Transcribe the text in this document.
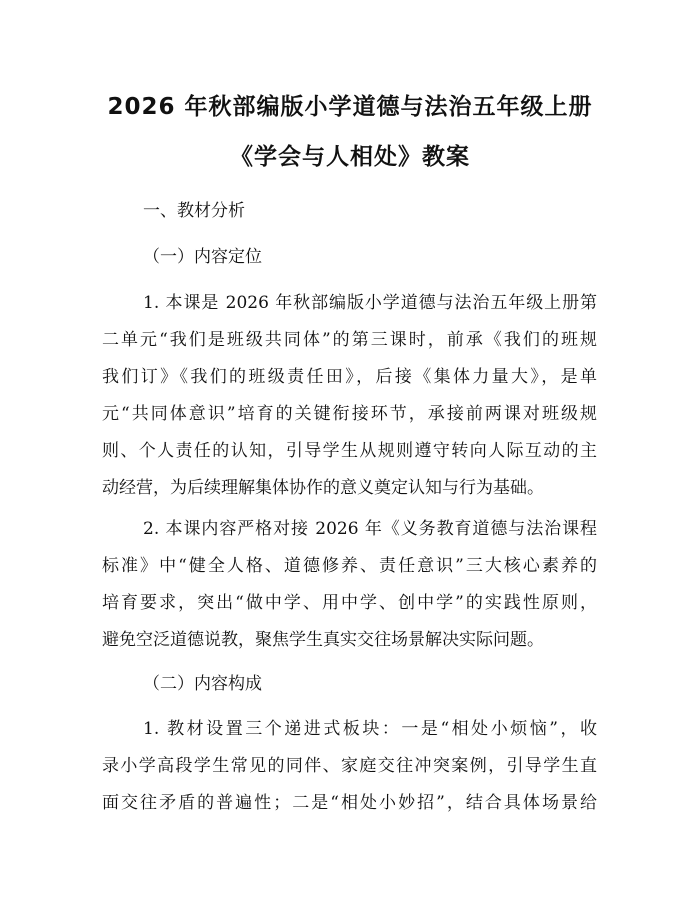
2026 年秋部编版小学道德与法治五年级上册
《学会与人相处》教案
一、教材分析
（一）内容定位
1. 本课是 2026 年秋部编版小学道德与法治五年级上册第
二单元“我们是班级共同体”的第三课时，前承《我们的班规
我们订》《我们的班级责任田》，后接《集体力量大》，是单
元“共同体意识”培育的关键衔接环节，承接前两课对班级规
则、个人责任的认知，引导学生从规则遵守转向人际互动的主
动经营，为后续理解集体协作的意义奠定认知与行为基础。
2. 本课内容严格对接 2026 年《义务教育道德与法治课程
标准》中“健全人格、道德修养、责任意识”三大核心素养的
培育要求，突出“做中学、用中学、创中学”的实践性原则，
避免空泛道德说教，聚焦学生真实交往场景解决实际问题。
（二）内容构成
1. 教材设置三个递进式板块：一是“相处小烦恼”，收
录小学高段学生常见的同伴、家庭交往冲突案例，引导学生直
面交往矛盾的普遍性；二是“相处小妙招”，结合具体场景给
